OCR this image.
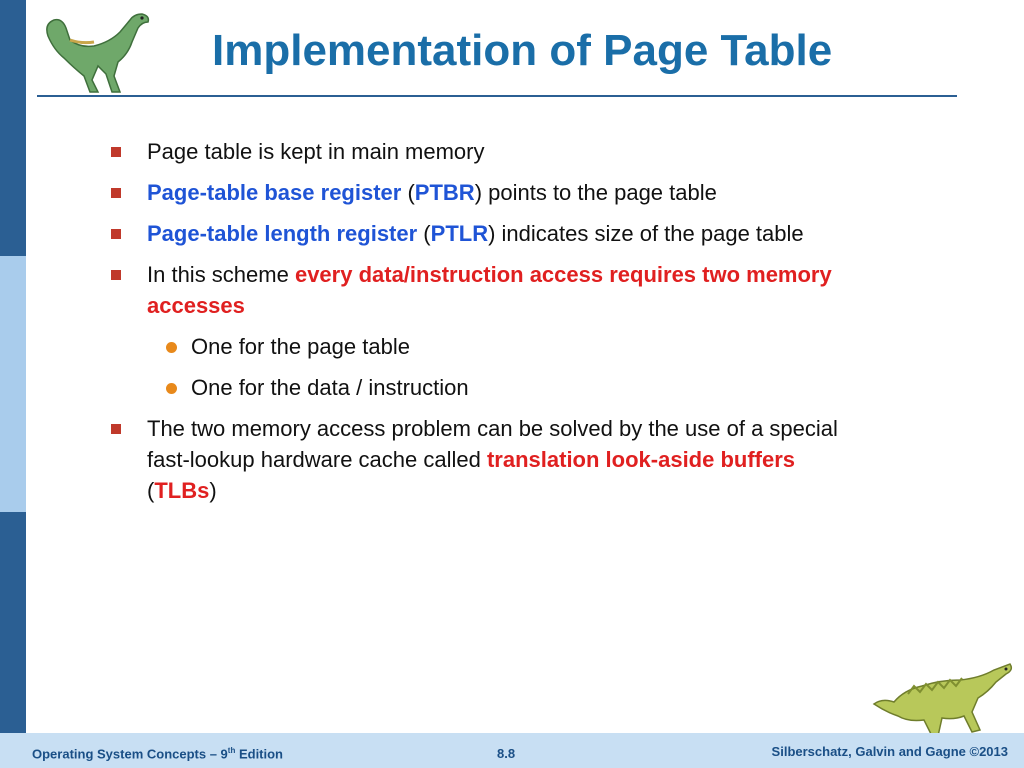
Implementation of Page Table
Page table is kept in main memory
Page-table base register (PTBR) points to the page table
Page-table length register (PTLR) indicates size of the page table
In this scheme every data/instruction access requires two memory accesses
One for the page table
One for the data / instruction
The two memory access problem can be solved by the use of a special fast-lookup hardware cache called translation look-aside buffers (TLBs)
Operating System Concepts – 9th Edition	8.8	Silberschatz, Galvin and Gagne ©2013
